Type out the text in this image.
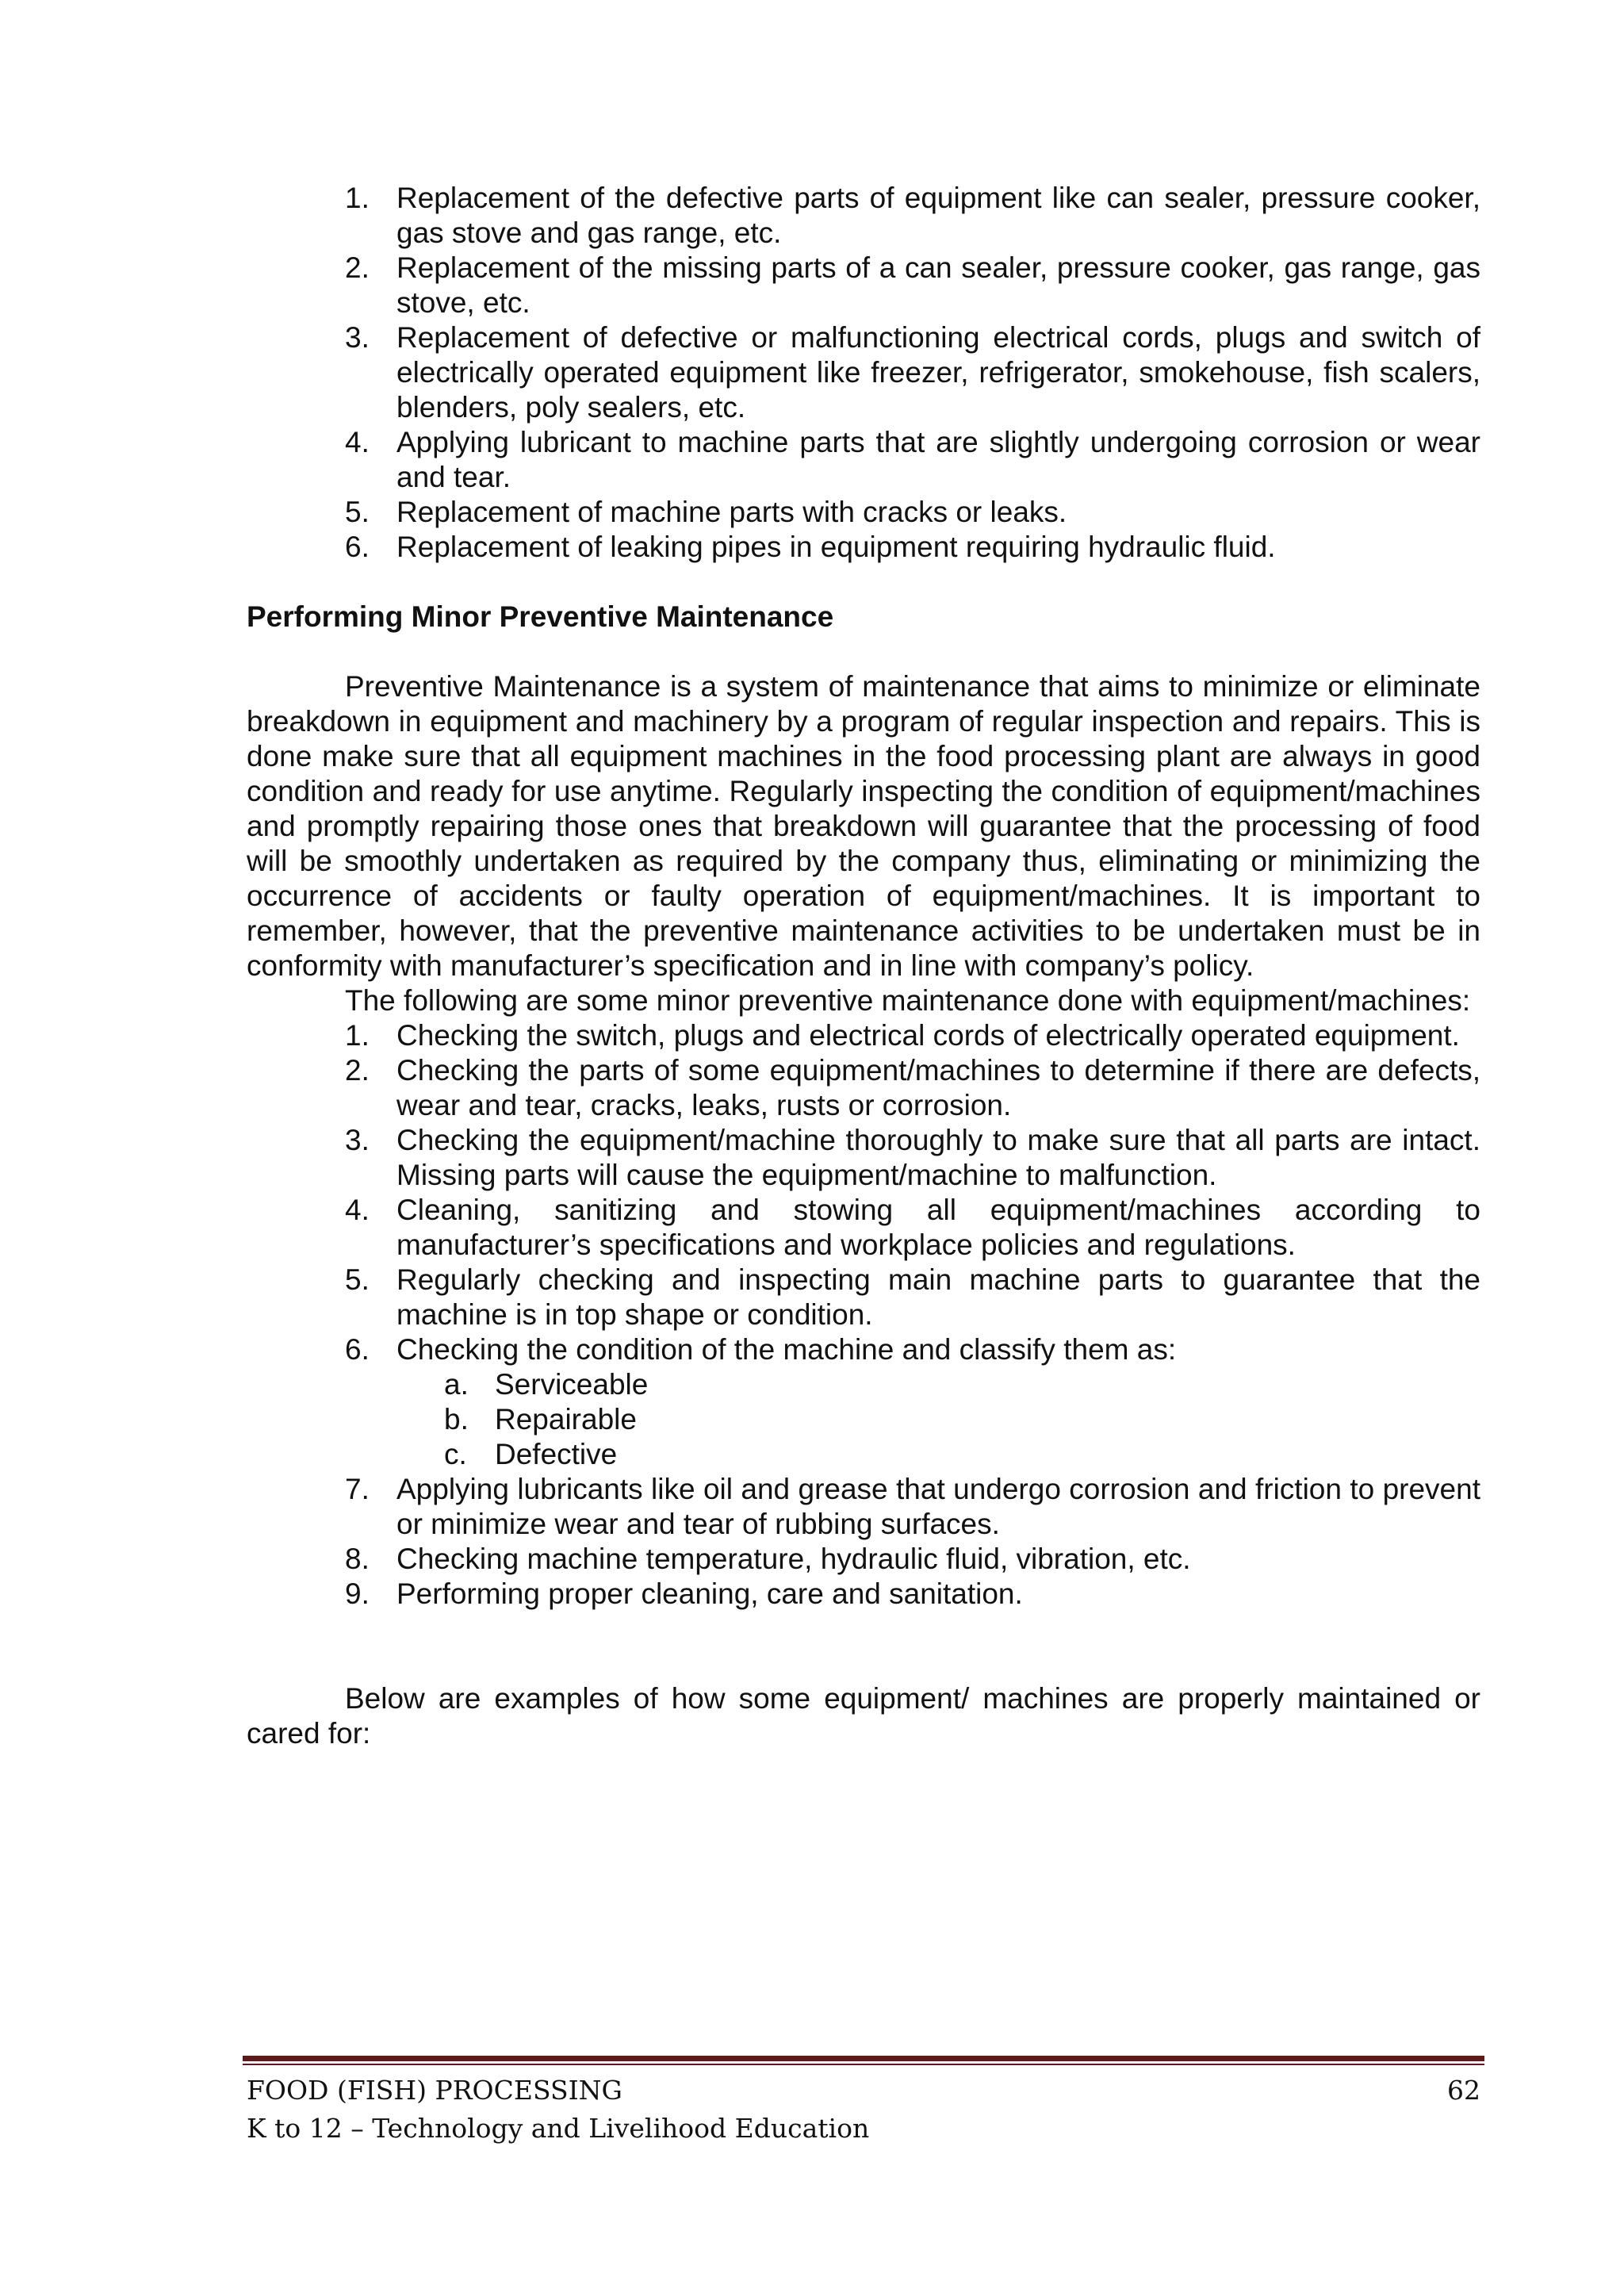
1. Replacement of the defective parts of equipment like can sealer, pressure cooker, gas stove and gas range, etc.
2. Replacement of the missing parts of a can sealer, pressure cooker, gas range, gas stove, etc.
3. Replacement of defective or malfunctioning electrical cords, plugs and switch of electrically operated equipment like freezer, refrigerator, smokehouse, fish scalers, blenders, poly sealers, etc.
4. Applying lubricant to machine parts that are slightly undergoing corrosion or wear and tear.
5. Replacement of machine parts with cracks or leaks.
6. Replacement of leaking pipes in equipment requiring hydraulic fluid.
Performing Minor Preventive Maintenance

Preventive Maintenance is a system of maintenance that aims to minimize or eliminate breakdown in equipment and machinery by a program of regular inspection and repairs. This is done make sure that all equipment machines in the food processing plant are always in good condition and ready for use anytime. Regularly inspecting the condition of equipment/machines and promptly repairing those ones that breakdown will guarantee that the processing of food will be smoothly undertaken as required by the company thus, eliminating or minimizing the occurrence of accidents or faulty operation of equipment/machines. It is important to remember, however, that the preventive maintenance activities to be undertaken must be in conformity with manufacturer’s specification and in line with company’s policy.

The following are some minor preventive maintenance done with equipment/machines:

1. Checking the switch, plugs and electrical cords of electrically operated equipment.
2. Checking the parts of some equipment/machines to determine if there are defects, wear and tear, cracks, leaks, rusts or corrosion.
3. Checking the equipment/machine thoroughly to make sure that all parts are intact. Missing parts will cause the equipment/machine to malfunction.
4. Cleaning, sanitizing and stowing all equipment/machines according to manufacturer’s specifications and workplace policies and regulations.
5. Regularly checking and inspecting main machine parts to guarantee that the machine is in top shape or condition.
6. Checking the condition of the machine and classify them as:
a. Serviceable
b. Repairable
c. Defective
7. Applying lubricants like oil and grease that undergo corrosion and friction to prevent or minimize wear and tear of rubbing surfaces.
8. Checking machine temperature, hydraulic fluid, vibration, etc.
9. Performing proper cleaning, care and sanitation.

Below are examples of how some equipment/ machines are properly maintained or cared for:

FOOD (FISH) PROCESSING	62
K to 12 – Technology and Livelihood Education
